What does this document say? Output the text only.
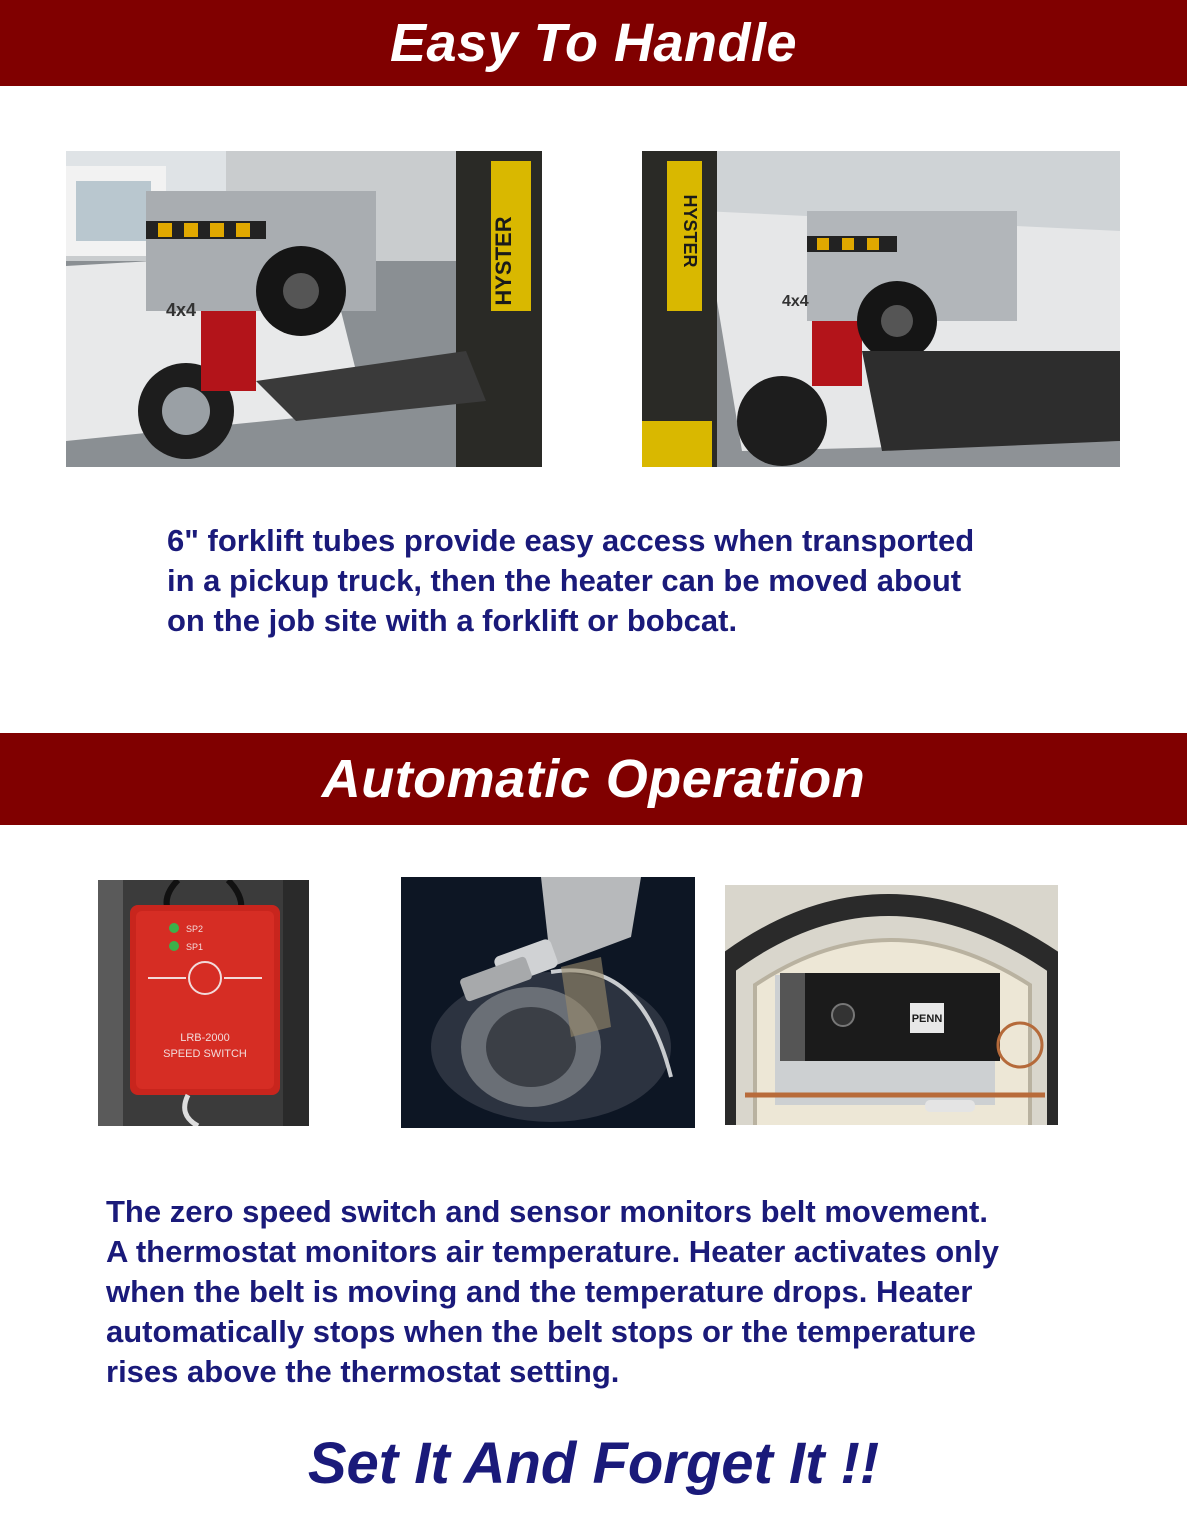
Easy To Handle
HYSTER
4x4
HYSTER
4x4

6" forklift tubes provide easy access when transported
in a pickup truck, then the heater can be moved about
on the job site with a forklift or bobcat.

Automatic Operation
SP2
SP1
LRB-2000
SPEED SWITCH
PENN

The zero speed switch and sensor monitors belt movement.
A thermostat monitors air temperature. Heater activates only
when the belt is moving and the temperature drops. Heater
automatically stops when the belt stops or the temperature
rises above the thermostat setting.

Set It And Forget It !!
